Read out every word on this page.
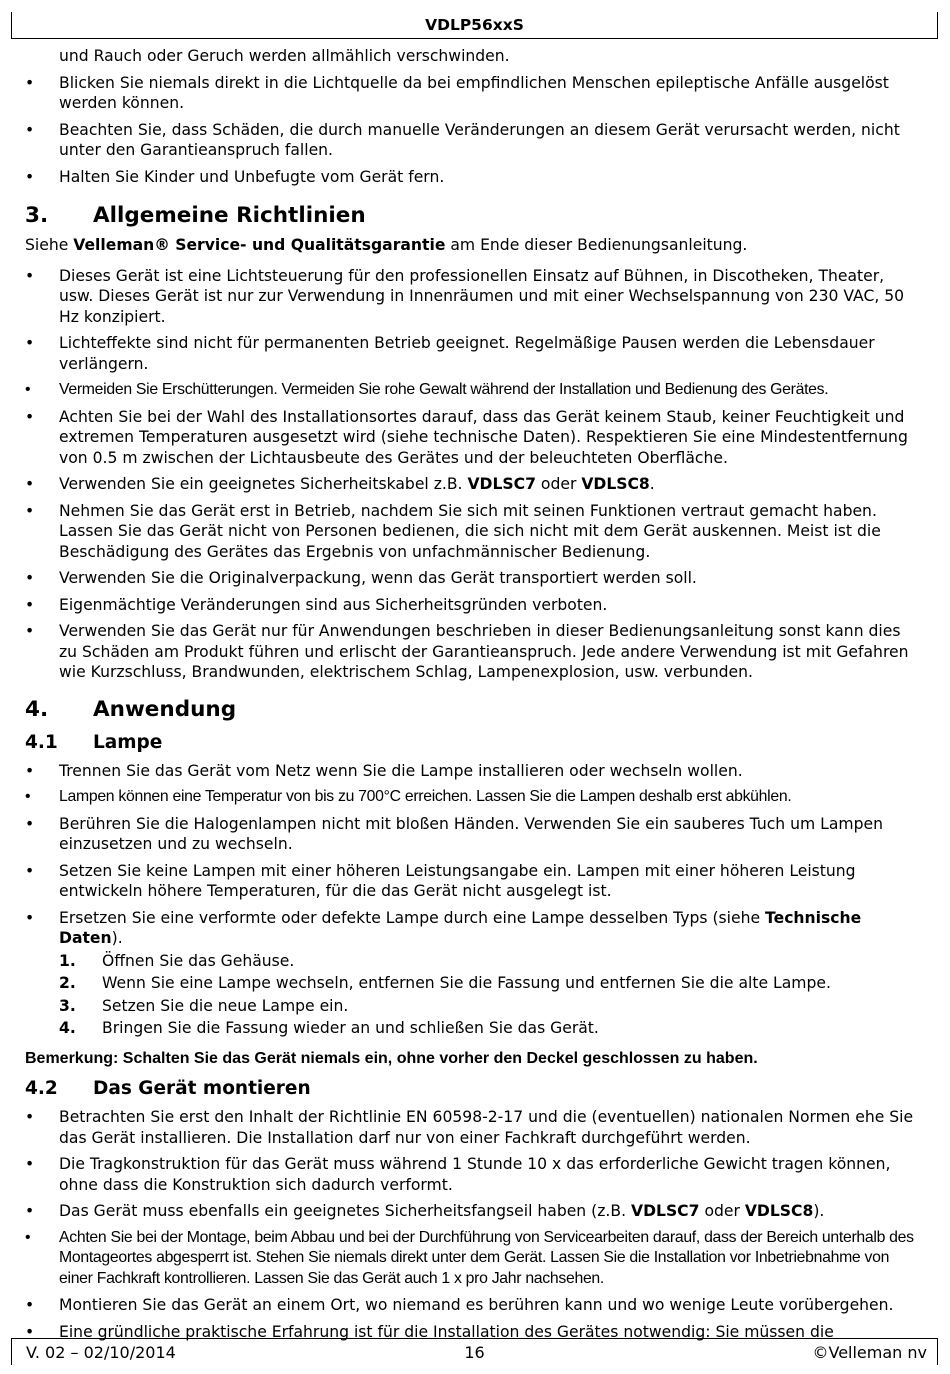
VDLP56xxS

und Rauch oder Geruch werden allmählich verschwinden.

• Blicken Sie niemals direkt in die Lichtquelle da bei empfindlichen Menschen epileptische Anfälle ausgelöst werden können.
• Beachten Sie, dass Schäden, die durch manuelle Veränderungen an diesem Gerät verursacht werden, nicht unter den Garantieanspruch fallen.
• Halten Sie Kinder und Unbefugte vom Gerät fern.
3. Allgemeine Richtlinien

Siehe Velleman® Service- und Qualitätsgarantie am Ende dieser Bedienungsanleitung.

• Dieses Gerät ist eine Lichtsteuerung für den professionellen Einsatz auf Bühnen, in Discotheken, Theater, usw. Dieses Gerät ist nur zur Verwendung in Innenräumen und mit einer Wechselspannung von 230 VAC, 50 Hz konzipiert.
• Lichteffekte sind nicht für permanenten Betrieb geeignet. Regelmäßige Pausen werden die Lebensdauer verlängern.
• Vermeiden Sie Erschütterungen. Vermeiden Sie rohe Gewalt während der Installation und Bedienung des Gerätes.
• Achten Sie bei der Wahl des Installationsortes darauf, dass das Gerät keinem Staub, keiner Feuchtigkeit und extremen Temperaturen ausgesetzt wird (siehe technische Daten). Respektieren Sie eine Mindestentfernung von 0.5 m zwischen der Lichtausbeute des Gerätes und der beleuchteten Oberfläche.
• Verwenden Sie ein geeignetes Sicherheitskabel z.B. VDLSC7 oder VDLSC8.
• Nehmen Sie das Gerät erst in Betrieb, nachdem Sie sich mit seinen Funktionen vertraut gemacht haben. Lassen Sie das Gerät nicht von Personen bedienen, die sich nicht mit dem Gerät auskennen. Meist ist die Beschädigung des Gerätes das Ergebnis von unfachmännischer Bedienung.
• Verwenden Sie die Originalverpackung, wenn das Gerät transportiert werden soll.
• Eigenmächtige Veränderungen sind aus Sicherheitsgründen verboten.
• Verwenden Sie das Gerät nur für Anwendungen beschrieben in dieser Bedienungsanleitung sonst kann dies zu Schäden am Produkt führen und erlischt der Garantieanspruch. Jede andere Verwendung ist mit Gefahren wie Kurzschluss, Brandwunden, elektrischem Schlag, Lampenexplosion, usw. verbunden.
4. Anwendung
4.1 Lampe
• Trennen Sie das Gerät vom Netz wenn Sie die Lampe installieren oder wechseln wollen.
• Lampen können eine Temperatur von bis zu 700°C erreichen. Lassen Sie die Lampen deshalb erst abkühlen.
• Berühren Sie die Halogenlampen nicht mit bloßen Händen. Verwenden Sie ein sauberes Tuch um Lampen einzusetzen und zu wechseln.
• Setzen Sie keine Lampen mit einer höheren Leistungsangabe ein. Lampen mit einer höheren Leistung entwickeln höhere Temperaturen, für die das Gerät nicht ausgelegt ist.
• Ersetzen Sie eine verformte oder defekte Lampe durch eine Lampe desselben Typs (siehe Technische Daten).
1. Öffnen Sie das Gehäuse.
2. Wenn Sie eine Lampe wechseln, entfernen Sie die Fassung und entfernen Sie die alte Lampe.
3. Setzen Sie die neue Lampe ein.
4. Bringen Sie die Fassung wieder an und schließen Sie das Gerät.

Bemerkung: Schalten Sie das Gerät niemals ein, ohne vorher den Deckel geschlossen zu haben.

4.2 Das Gerät montieren
• Betrachten Sie erst den Inhalt der Richtlinie EN 60598-2-17 und die (eventuellen) nationalen Normen ehe Sie das Gerät installieren. Die Installation darf nur von einer Fachkraft durchgeführt werden.
• Die Tragkonstruktion für das Gerät muss während 1 Stunde 10 x das erforderliche Gewicht tragen können, ohne dass die Konstruktion sich dadurch verformt.
• Das Gerät muss ebenfalls ein geeignetes Sicherheitsfangseil haben (z.B. VDLSC7 oder VDLSC8).
• Achten Sie bei der Montage, beim Abbau und bei der Durchführung von Servicearbeiten darauf, dass der Bereich unterhalb des Montageortes abgesperrt ist. Stehen Sie niemals direkt unter dem Gerät. Lassen Sie die Installation vor Inbetriebnahme von einer Fachkraft kontrollieren. Lassen Sie das Gerät auch 1 x pro Jahr nachsehen.
• Montieren Sie das Gerät an einem Ort, wo niemand es berühren kann und wo wenige Leute vorübergehen.
• Eine gründliche praktische Erfahrung ist für die Installation des Gerätes notwendig: Sie müssen die
V. 02 – 02/10/2014	16	©Velleman nv
